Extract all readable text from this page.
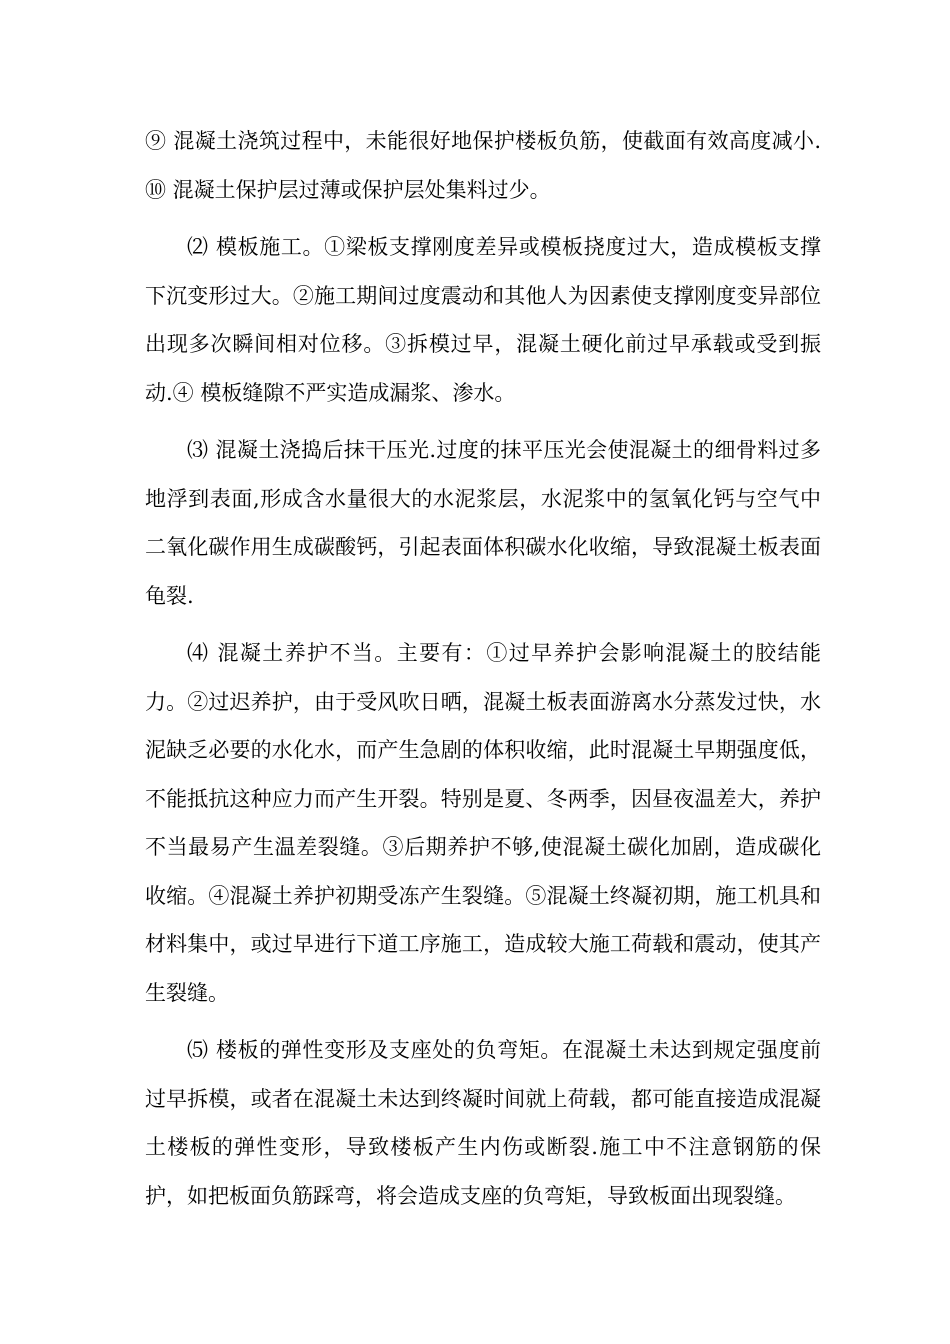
⑨ 混凝土浇筑过程中，未能很好地保护楼板负筋，使截面有效高度减小.⑩ 混凝土保护层过薄或保护层处集料过少。

⑵ 模板施工。①梁板支撑刚度差异或模板挠度过大，造成模板支撑下沉变形过大。②施工期间过度震动和其他人为因素使支撑刚度变异部位出现多次瞬间相对位移。③拆模过早，混凝土硬化前过早承载或受到振动.④ 模板缝隙不严实造成漏浆、渗水。

⑶ 混凝土浇捣后抹干压光.过度的抹平压光会使混凝土的细骨料过多地浮到表面,形成含水量很大的水泥浆层，水泥浆中的氢氧化钙与空气中二氧化碳作用生成碳酸钙，引起表面体积碳水化收缩，导致混凝土板表面龟裂.

⑷ 混凝土养护不当。主要有：①过早养护会影响混凝土的胶结能力。②过迟养护，由于受风吹日晒，混凝土板表面游离水分蒸发过快，水泥缺乏必要的水化水，而产生急剧的体积收缩，此时混凝土早期强度低，不能抵抗这种应力而产生开裂。特别是夏、冬两季，因昼夜温差大，养护不当最易产生温差裂缝。③后期养护不够,使混凝土碳化加剧，造成碳化收缩。④混凝土养护初期受冻产生裂缝。⑤混凝土终凝初期，施工机具和材料集中，或过早进行下道工序施工，造成较大施工荷载和震动，使其产生裂缝。

⑸ 楼板的弹性变形及支座处的负弯矩。在混凝土未达到规定强度前过早拆模，或者在混凝土未达到终凝时间就上荷载，都可能直接造成混凝土楼板的弹性变形，导致楼板产生内伤或断裂.施工中不注意钢筋的保护，如把板面负筋踩弯，将会造成支座的负弯矩，导致板面出现裂缝。
